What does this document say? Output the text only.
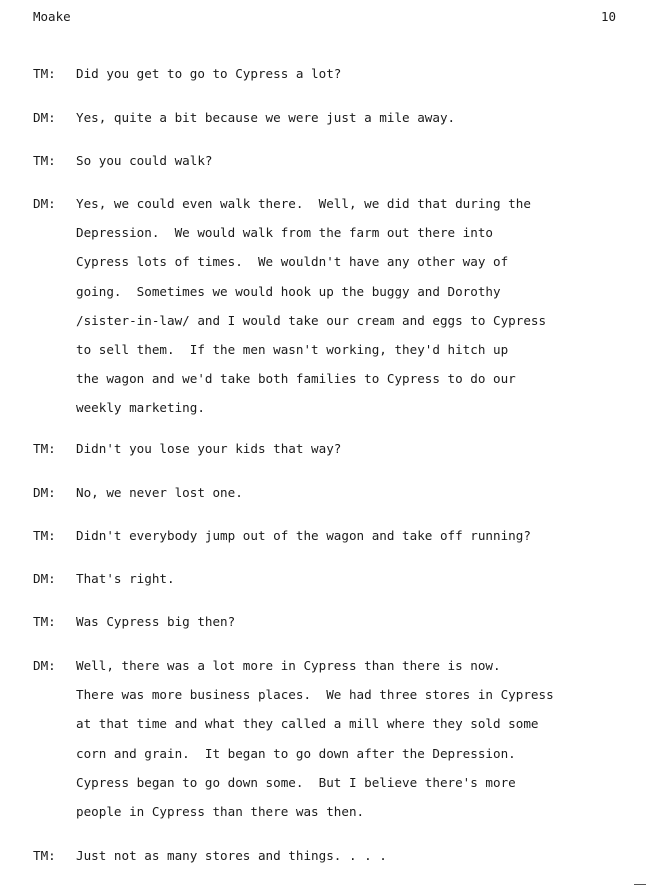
Moake	10
TM: Did you get to go to Cypress a lot?
DM: Yes, quite a bit because we were just a mile away.
TM: So you could walk?
DM: Yes, we could even walk there.  Well, we did that during the
Depression.  We would walk from the farm out there into
Cypress lots of times.  We wouldn't have any other way of
going.  Sometimes we would hook up the buggy and Dorothy
/sister-in-law/ and I would take our cream and eggs to Cypress
to sell them.  If the men wasn't working, they'd hitch up
the wagon and we'd take both families to Cypress to do our
weekly marketing.
TM: Didn't you lose your kids that way?
DM: No, we never lost one.
TM: Didn't everybody jump out of the wagon and take off running?
DM: That's right.
TM: Was Cypress big then?
DM: Well, there was a lot more in Cypress than there is now.
There was more business places.  We had three stores in Cypress
at that time and what they called a mill where they sold some
corn and grain.  It began to go down after the Depression.
Cypress began to go down some.  But I believe there's more
people in Cypress than there was then.
TM: Just not as many stores and things. . . .
